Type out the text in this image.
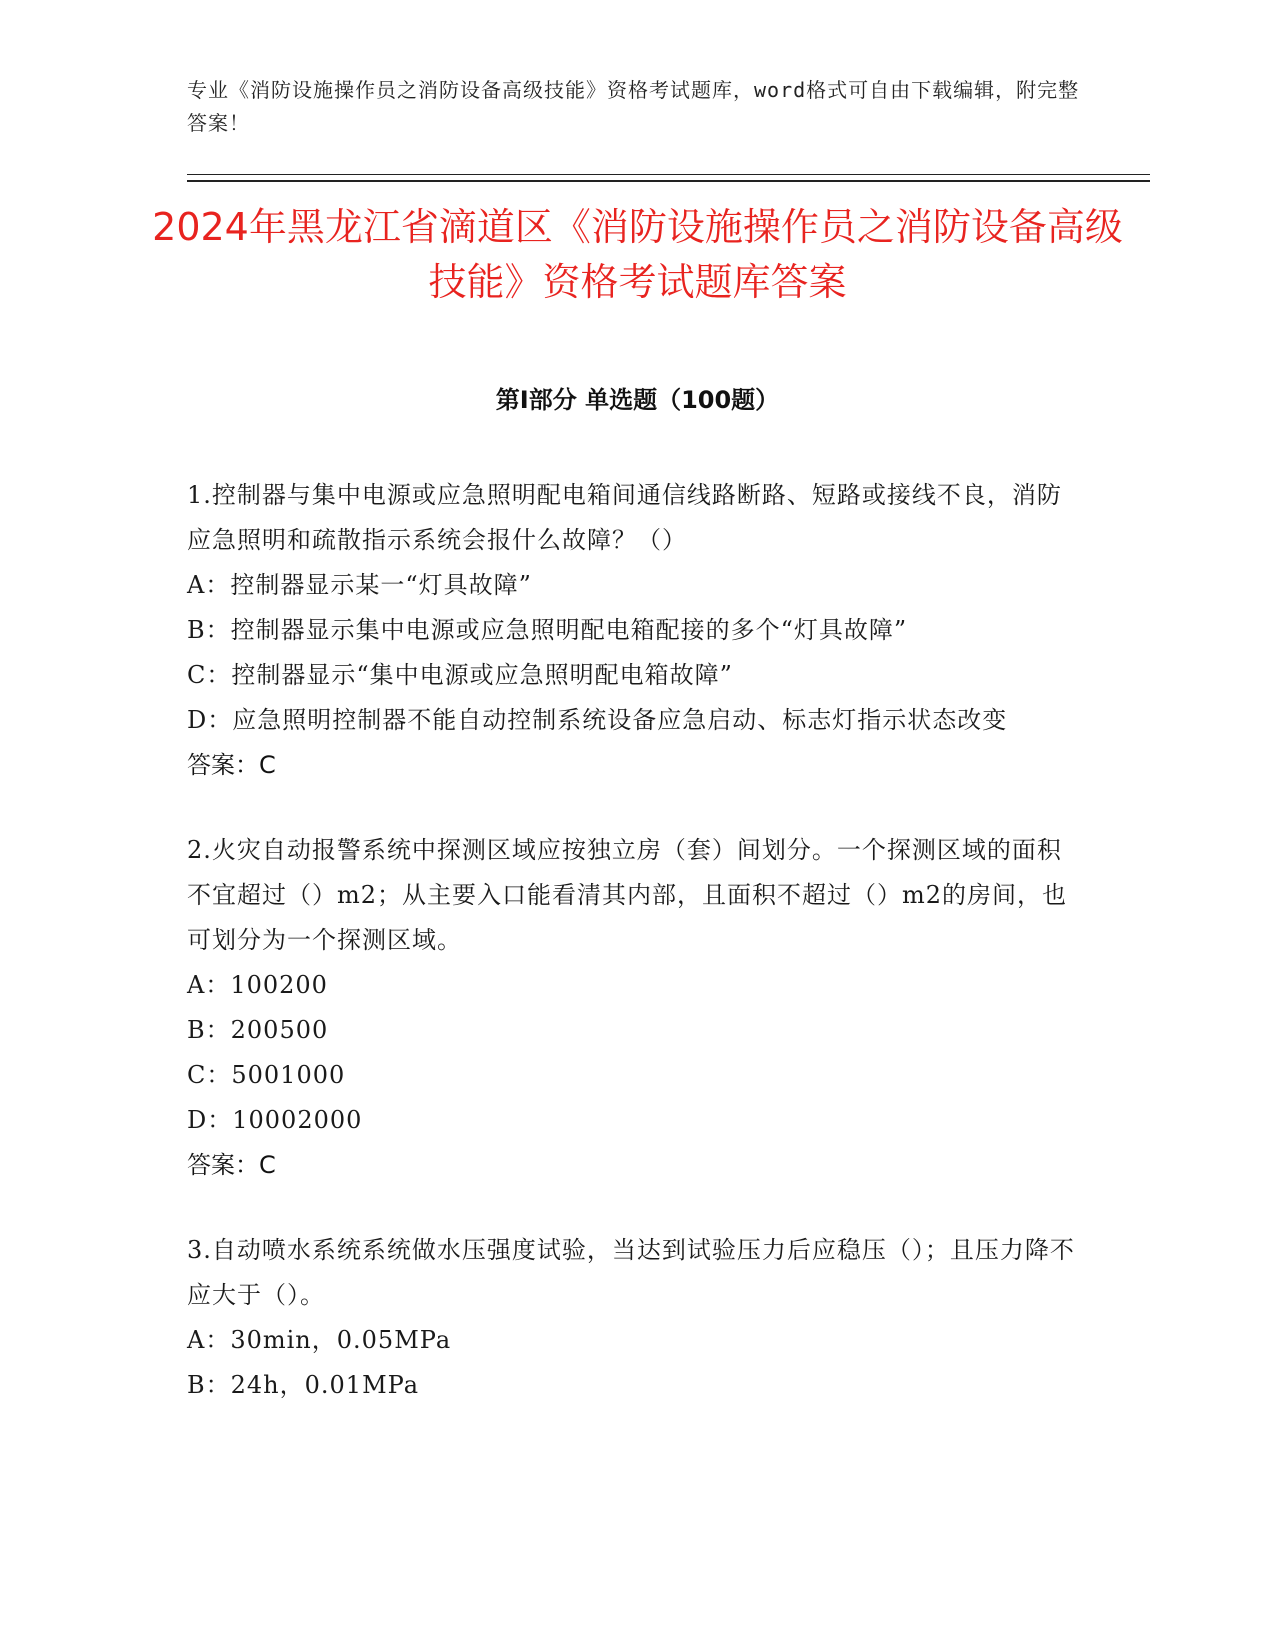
专业《消防设施操作员之消防设备高级技能》资格考试题库，word格式可自由下载编辑，附完整答案！

2024年黑龙江省滴道区《消防设施操作员之消防设备高级技能》资格考试题库答案
第Ⅰ部分 单选题（100题）

1.控制器与集中电源或应急照明配电箱间通信线路断路、短路或接线不良，消防应急照明和疏散指示系统会报什么故障？（）

A：控制器显示某一“灯具故障”

B：控制器显示集中电源或应急照明配电箱配接的多个“灯具故障”

C：控制器显示“集中电源或应急照明配电箱故障”

D：应急照明控制器不能自动控制系统设备应急启动、标志灯指示状态改变

答案：C

2.火灾自动报警系统中探测区域应按独立房（套）间划分。一个探测区域的面积不宜超过（）m2；从主要入口能看清其内部，且面积不超过（）m2的房间，也可划分为一个探测区域。

A：100200

B：200500

C：5001000

D：10002000

答案：C

3.自动喷水系统系统做水压强度试验，当达到试验压力后应稳压（）；且压力降不应大于（）。

A：30min，0.05MPa

B：24h，0.01MPa
